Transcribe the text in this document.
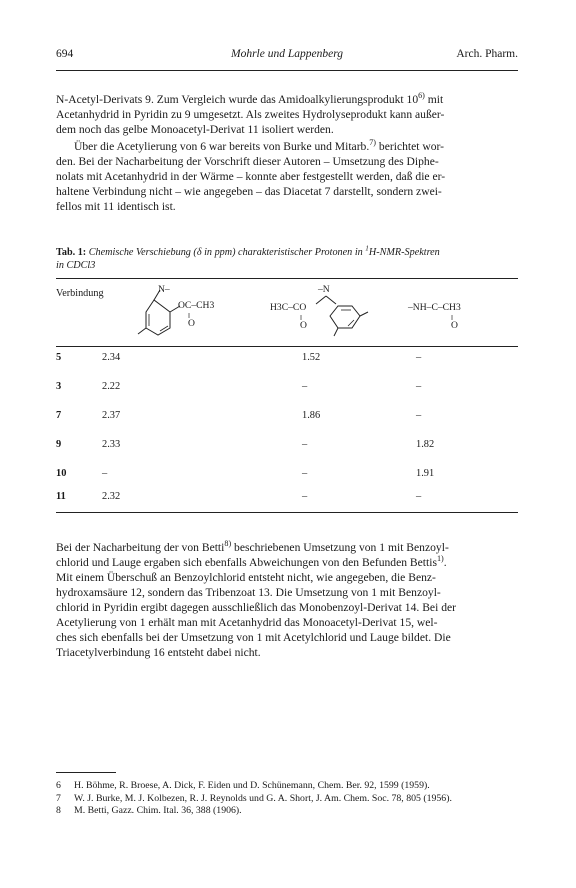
694	Mohrle und Lappenberg	Arch. Pharm.
N-Acetyl-Derivats 9. Zum Vergleich wurde das Amidoalkylierungsprodukt 10$^{6)}$ mit
Acetanhydrid in Pyridin zu 9 umgesetzt. Als zweites Hydrolyseprodukt kann außer-
dem noch das gelbe Monoacetyl-Derivat 11 isoliert werden.
Über die Acetylierung von 6 war bereits von Burke und Mitarb.$^{7)}$ berichtet wor-
den. Bei der Nacharbeitung der Vorschrift dieser Autoren – Umsetzung des Diphe-
nolats mit Acetanhydrid in der Wärme – konnte aber festgestellt werden, daß die er-
haltene Verbindung nicht – wie angegeben – das Diacetat 7 darstellt, sondern zwei-
fellos mit 11 identisch ist.
Tab. 1: Chemische Verschiebung (δ in ppm) charakteristischer Protonen in $^1$H-NMR-Spektren
in CDCl3
Verbindung	N–
OC–CH3
‖
O
–N
H3C–CO
‖
O
–NH–C–CH3
‖
O
5	2.34	1.52	–
3	2.22	–	–
7	2.37	1.86	–
9	2.33	–	1.82
10	–	–	1.91
11	2.32	–	–
Bei der Nacharbeitung der von Betti$^{8)}$ beschriebenen Umsetzung von 1 mit Benzoyl-
chlorid und Lauge ergaben sich ebenfalls Abweichungen von den Befunden Bettis$^{1)}$.
Mit einem Überschuß an Benzoylchlorid entsteht nicht, wie angegeben, die Benz-
hydroxamsäure 12, sondern das Tribenzoat 13. Die Umsetzung von 1 mit Benzoyl-
chlorid in Pyridin ergibt dagegen ausschließlich das Monobenzoyl-Derivat 14. Bei der
Acetylierung von 1 erhält man mit Acetanhydrid das Monoacetyl-Derivat 15, wel-
ches sich ebenfalls bei der Umsetzung von 1 mit Acetylchlorid und Lauge bildet. Die
Triacetylverbindung 16 entsteht dabei nicht.
6 H. Böhme, R. Broese, A. Dick, F. Eiden und D. Schünemann, Chem. Ber. 92, 1599 (1959).
7 W. J. Burke, M. J. Kolbezen, R. J. Reynolds und G. A. Short, J. Am. Chem. Soc. 78, 805 (1956).
8 M. Betti, Gazz. Chim. Ital. 36, 388 (1906).
